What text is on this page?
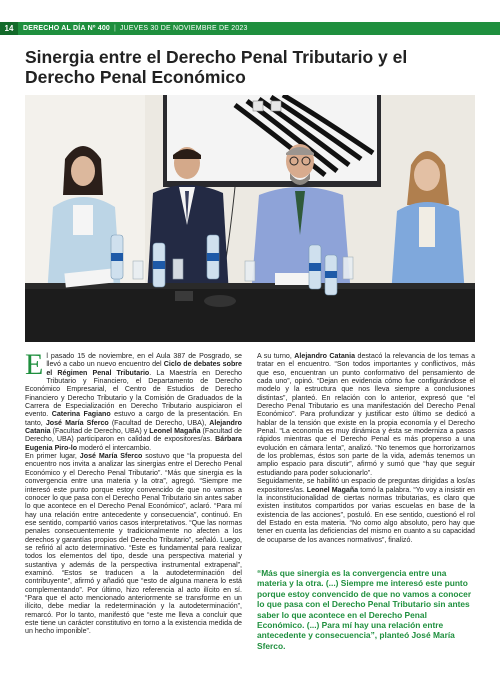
14	DERECHO AL DÍA Nº 400 | JUEVES 30 DE NOVIEMBRE DE 2023
Sinergia entre el Derecho Penal Tributario y el Derecho Penal Económico
E l pasado 15 de noviembre, en el Aula 387 de Posgrado, se llevó a cabo un nuevo encuentro del Ciclo de debates sobre el Régimen Penal Tributario. La Maestría en Derecho Tributario y Financiero, el Departamento de Derecho Económico Empresarial, el Centro de Estudios de Derecho Financiero y Derecho Tributario y la Comisión de Graduados de la Carrera de Especialización en Derecho Tributario auspiciaron el evento. Caterina Fagiano estuvo a cargo de la presentación. En tanto, José María Sferco (Facultad de Derecho, UBA), Alejandro Catania (Facultad de Derecho, UBA) y Leonel Magaña (Facultad de Derecho, UBA) participaron en calidad de expositores/as. Bárbara Eugenia Piro-lo moderó el intercambio.
En primer lugar, José María Sferco sostuvo que “la propuesta del encuentro nos invita a analizar las sinergias entre el Derecho Penal Económico y el Derecho Penal Tributario”. “Más que sinergia es la convergencia entre una materia y la otra”, agregó. “Siempre me interesó este punto porque estoy convencido de que no vamos a conocer lo que pasa con el Derecho Penal Tributario sin antes saber lo que acontece en el Derecho Penal Económico”, aclaró. “Para mí hay una relación entre antecedente y consecuencia”, continuó. En ese sentido, compartió varios casos interpretativos. “Que las normas penales consecuentemente y tradicionalmente no afecten a los derechos y garantías propios del Derecho Tributario”, señaló. Luego, se refirió al acto determinativo. “Este es fundamental para realizar todos los elementos del tipo, desde una perspectiva material y sustantiva y además de la perspectiva instrumental extrapenal”, examinó. “Estos se traducen a la autodeterminación del contribuyente”, afirmó y añadió que “esto de alguna manera lo está complementando”. Por último, hizo referencia al acto ilícito en sí. “Para que el acto mencionado anteriormente se transforme en un ilícito, debe mediar la redeterminación y la autodeterminación”, remarcó. Por lo tanto, manifestó que “este me lleva a concluir que este tiene un carácter constitutivo en torno a la existencia medida de un hecho imponible”.

A su turno, Alejandro Catania destacó la relevancia de los temas a tratar en el encuentro. “Son todos importantes y conflictivos, más que eso, encuentran un punto conformativo del pensamiento de cada uno”, opinó. “Dejan en evidencia cómo fue configurándose el modelo y la estructura que nos lleva siempre a conclusiones distintas”, planteó. En relación con lo anterior, expresó que “el Derecho Penal Tributario es una manifestación del Derecho Penal Económico”. Para profundizar y justificar esto último se dedicó a hablar de la tensión que existe en la propia economía y el Derecho Penal. “La economía es muy dinámica y ésta se moderniza a pasos rápidos mientras que el Derecho Penal es más propenso a una evolución en cámara lenta”, analizó. “No tenemos que horrorizarnos de los problemas, éstos son parte de la vida, además tenemos un amplio espacio para discutir”, afirmó y sumó que “hay que seguir estudiando para poder solucionarlo”.
Seguidamente, se habilitó un espacio de preguntas dirigidas a los/as expositores/as. Leonel Magaña tomó la palabra. “Yo voy a insistir en la inconstitucionalidad de ciertas normas tributarias, es claro que existen institutos compartidos por varias escuelas en base de la existencia de las acciones”, postuló. En ese sentido, cuestionó el rol del Estado en esta materia. “No como algo absoluto, pero hay que tener en cuenta las deficiencias del mismo en cuanto a su capacidad de ocuparse de los avances normativos”, finalizó.

“Más que sinergia es la convergencia entre una materia y la otra. (...) Siempre me interesó este punto porque estoy convencido de que no vamos a conocer lo que pasa con el Derecho Penal Tributario sin antes saber lo que acontece en el Derecho Penal Económico. (...) Para mí hay una relación entre antecedente y consecuencia”, planteó José María Sferco.
